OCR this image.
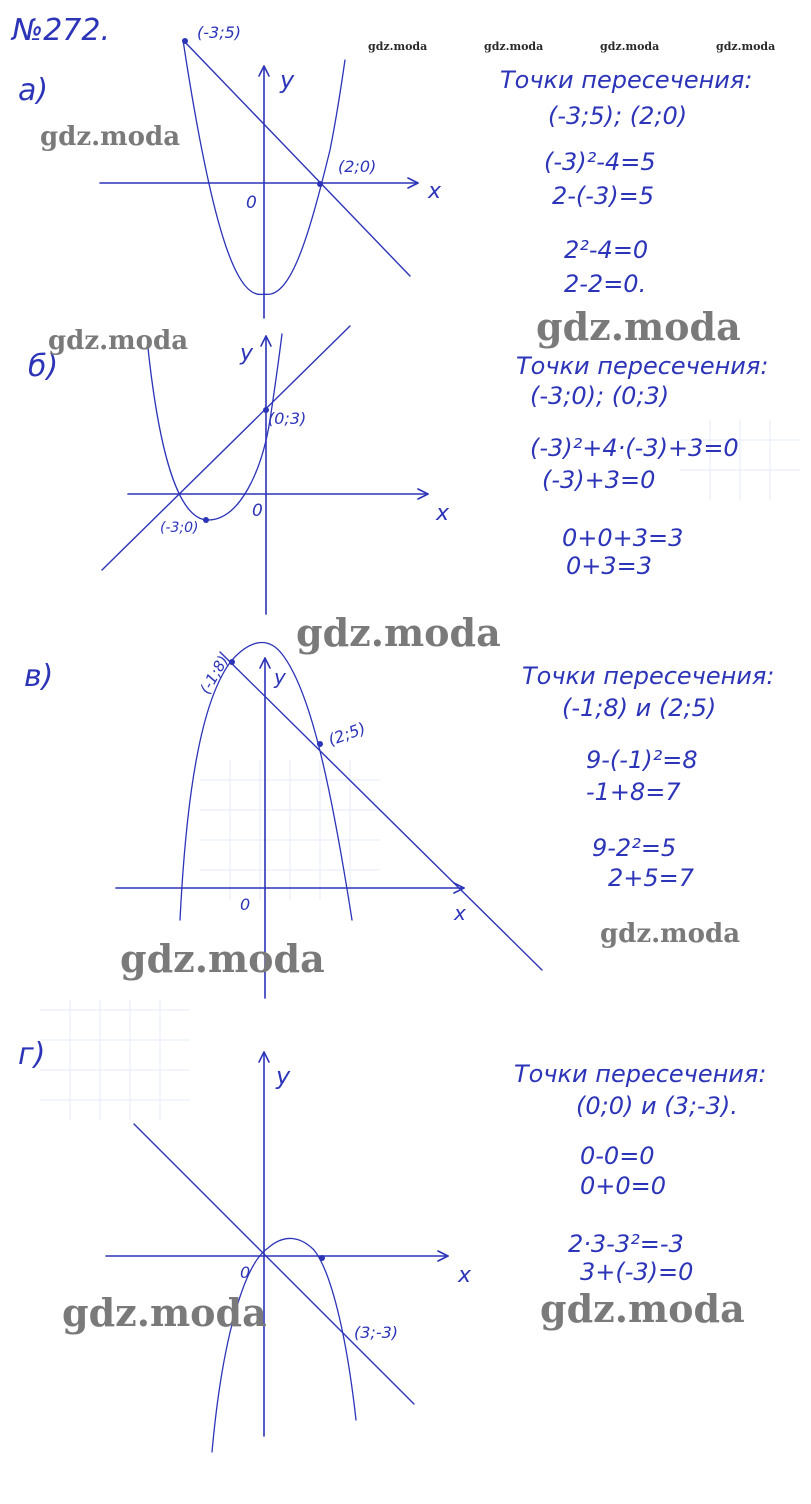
№272.	gdz.moda	gdz.moda	gdz.moda	gdz.moda
а)
x
y
0
(-3;5)
(2;0)
Точки пересечения:
(-3;5); (2;0)
(-3)²-4=5
2-(-3)=5
2²-4=0
2-2=0.
gdz.moda
gdz.moda
б)
x
y
0
(0;3)
(-3;0)
Точки пересечения:
(-3;0); (0;3)
(-3)²+4·(-3)+3=0
(-3)+3=0
0+0+3=3
0+3=3
gdz.moda
gdz.moda
в)
x
y
0
(-1;8)
(2;5)
Точки пересечения:
(-1;8) и (2;5)
9-(-1)²=8
-1+8=7
9-2²=5
2+5=7
gdz.moda
gdz.moda
г)
x
y
0
(3;-3)
Точки пересечения:
(0;0) и (3;-3).
0-0=0
0+0=0
2·3-3²=-3
3+(-3)=0
gdz.moda	gdz.moda
